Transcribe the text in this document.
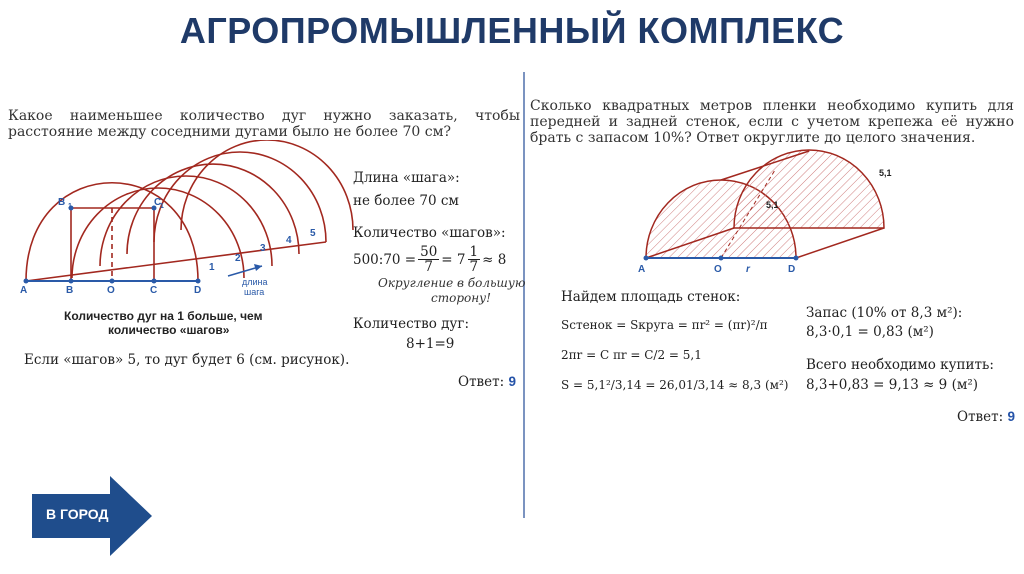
АГРОПРОМЫШЛЕННЫЙ КОМПЛЕКС
Какое наименьшее количество дуг нужно заказать, чтобы расстояние между соседними дугами было не более 70 см?
A	B	O	C	D
B	C
1	1
1
2
3
4
5
длина
шага
Длина «шага»:
не более 70 см
Количество «шагов»:
500:70 = $\frac{50}{7} = 7 \frac{1}{7} \approx 8$
Округление в большую
сторону!
Количество дуг:
8+1=9
Ответ: 9
Количество дуг на 1 больше, чем
количество «шагов»
Если «шагов» 5, то дуг будет 6 (см. рисунок).
Сколько квадратных метров пленки необходимо купить для передней и задней стенок, если с учетом крепежа её нужно брать с запасом 10%? Ответ округлите до целого значения.
A	O r	D
5,1
5,1
Найдем площадь стенок:
Sстенок = Sкруга = πr² = (πr)²/π
2πr = C πr = C/2 = 5,1
S = 5,1²/3,14 = 26,01/3,14 ≈ 8,3 (м²)
Запас (10% от 8,3 м²):
8,3·0,1 = 0,83 (м²)
Всего необходимо купить:
8,3+0,83 = 9,13 ≈ 9 (м²)
Ответ: 9
В ГОРОД
